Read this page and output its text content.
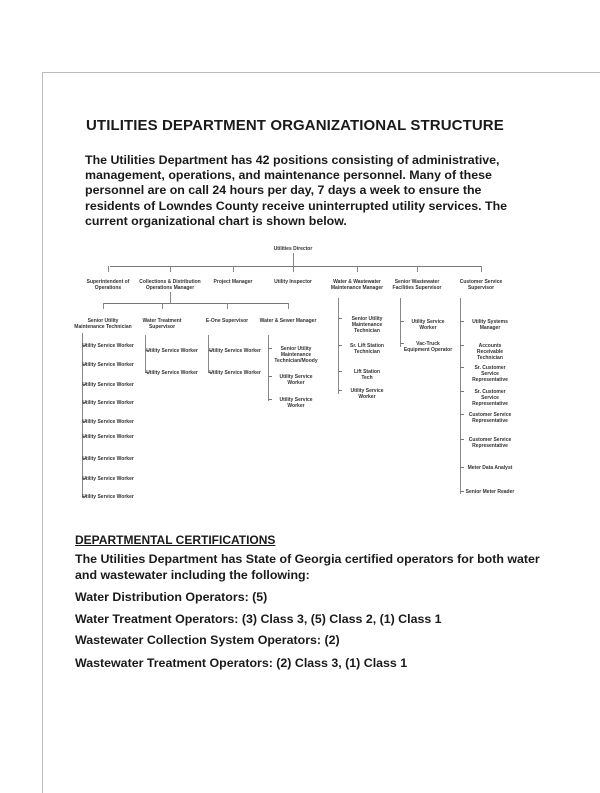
UTILITIES DEPARTMENT ORGANIZATIONAL STRUCTURE
The Utilities Department has 42 positions consisting of administrative, management, operations, and maintenance personnel. Many of these personnel are on call 24 hours per day, 7 days a week to ensure the residents of Lowndes County receive uninterrupted utility services. The current organizational chart is shown below.
Utilities Director
Superintendent of Operations
Collections & Distribution Operations Manager
Project Manager	Utility Inspector	Water & Wastewater Maintenance Manager
Senior Wastewater Facilities Supervisor
Customer Service Supervisor
Senior Utility Maintenance Technician
Water Treatment Supervisor
E-One Supervisor	Water & Sewer Manager
Utility Service Worker
Utility Service Worker
Utility Service Worker
Utility Service Worker
Utility Service Worker
Utility Service Worker
Utility Service Worker
Utility Service Worker
Utility Service Worker
Utility Service Worker
Utility Service Worker
Utility Service Worker
Utility Service Worker
Senior Utility Maintenance Technician/Moody
Utility Service Worker
Utility Service Worker
Senior Utility Maintenance Technician
Sr. Lift Station Technician
Lift Station Tech
Utility Service Worker
Utility Service Worker
Vac-Truck Equipment Operator
Utility Systems Manager
Accounts Receivable Technician
Sr. Customer Service Representative
Sr. Customer Service Representative
Customer Service Representative
Customer Service Representative
Meter Data Analyst
Senior Meter Reader
DEPARTMENTAL CERTIFICATIONS
The Utilities Department has State of Georgia certified operators for both water and wastewater including the following:
Water Distribution Operators: (5)
Water Treatment Operators: (3) Class 3, (5) Class 2, (1) Class 1
Wastewater Collection System Operators: (2)
Wastewater Treatment Operators: (2) Class 3, (1) Class 1
